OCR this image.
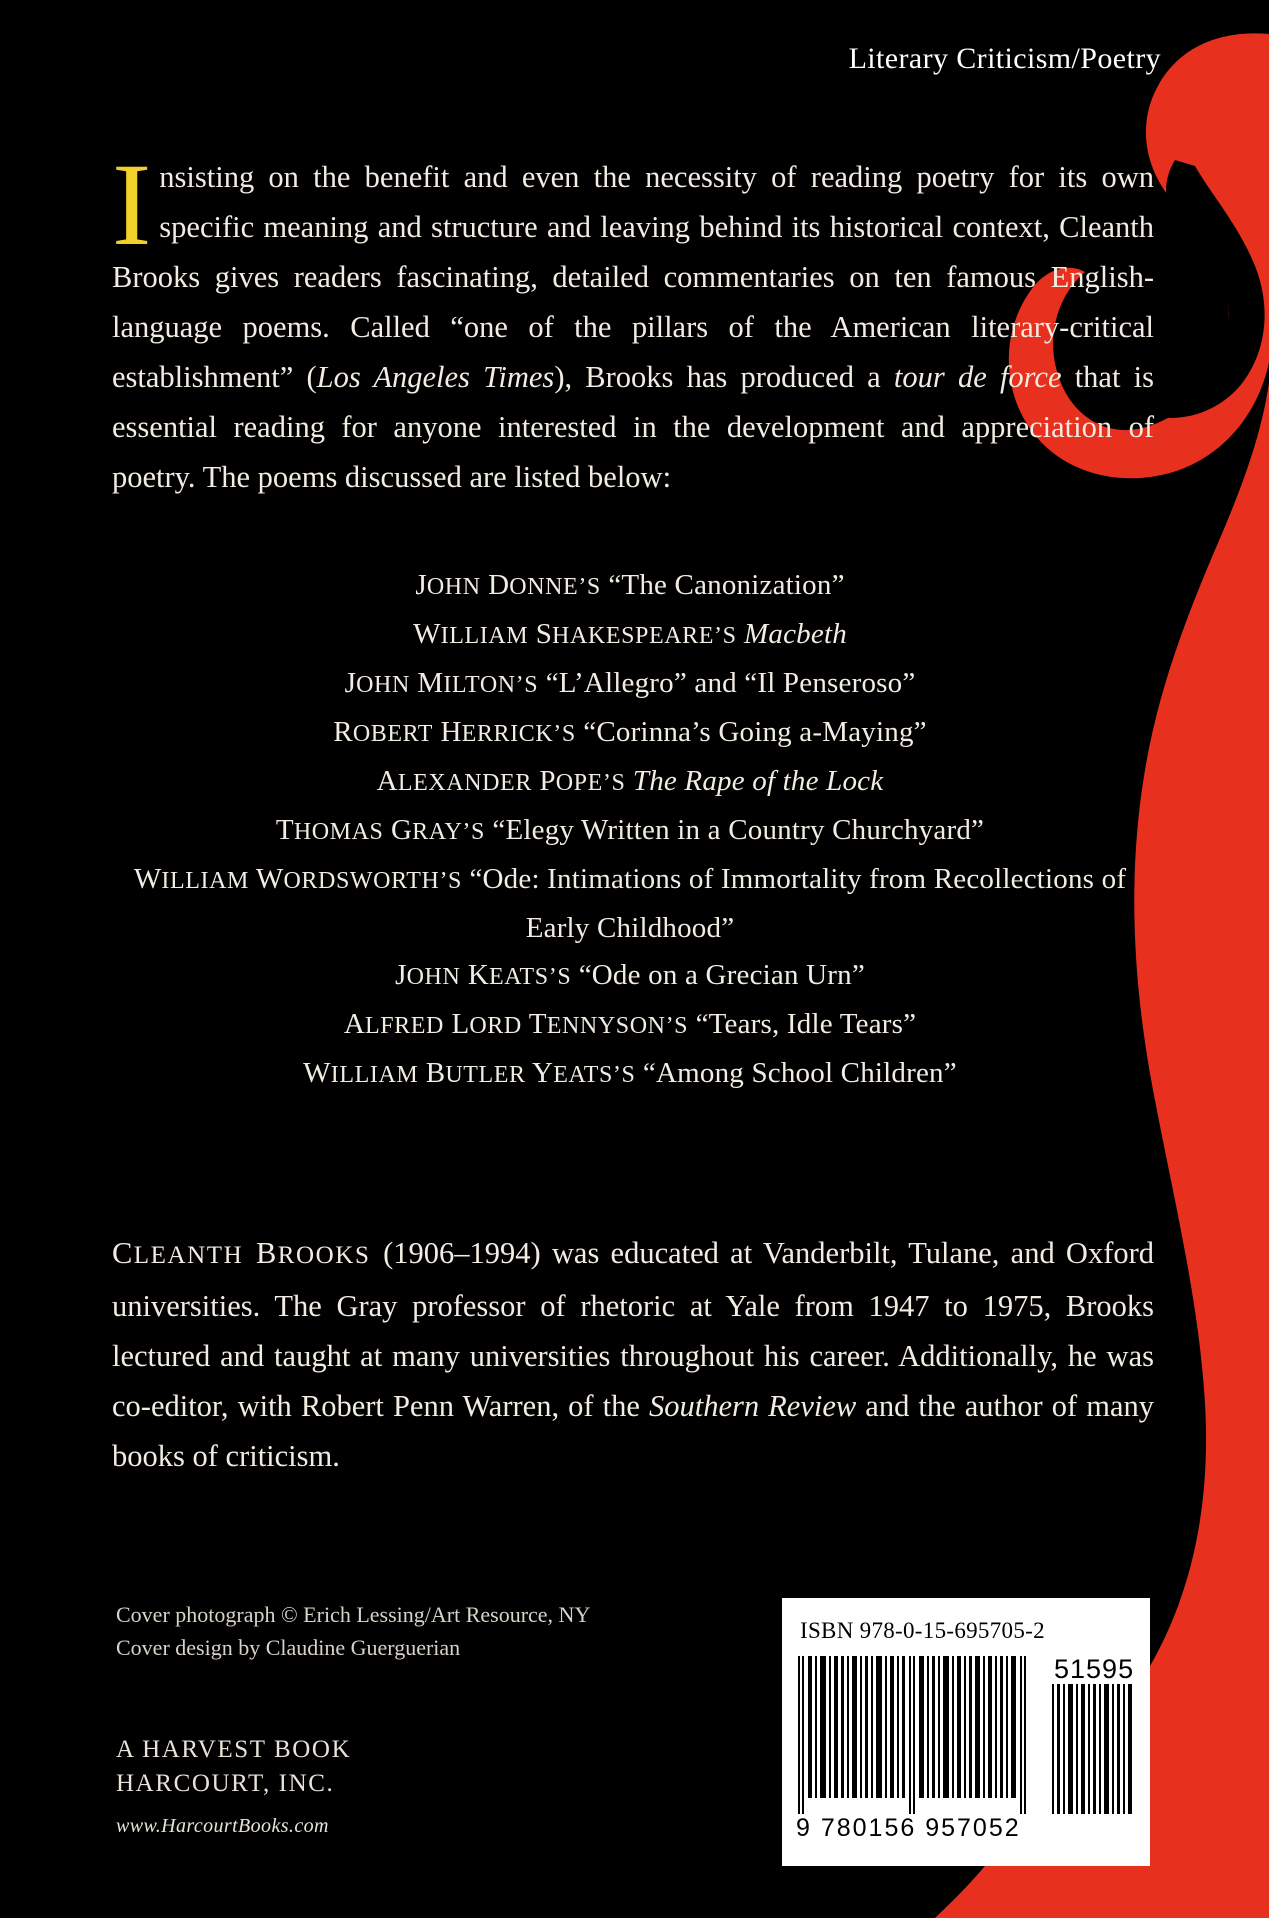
Literary Criticism/Poetry
Insisting on the benefit and even the necessity of reading poetry for its own specific meaning and structure and leaving behind its historical context, Cleanth Brooks gives readers fascinating, detailed commentaries on ten famous English-language poems. Called “one of the pillars of the American literary-critical establishment” (Los Angeles Times), Brooks has produced a tour de force that is essential reading for anyone interested in the development and appreciation of poetry. The poems discussed are listed below:
JOHN DONNE’S “The Canonization”
WILLIAM SHAKESPEARE’S Macbeth
JOHN MILTON’S “L’Allegro” and “Il Penseroso”
ROBERT HERRICK’S “Corinna’s Going a-Maying”
ALEXANDER POPE’S The Rape of the Lock
THOMAS GRAY’S “Elegy Written in a Country Churchyard”
WILLIAM WORDSWORTH’S “Ode: Intimations of Immortality from Recollections of Early Childhood”
JOHN KEATS’S “Ode on a Grecian Urn”
ALFRED LORD TENNYSON’S “Tears, Idle Tears”
WILLIAM BUTLER YEATS’S “Among School Children”
CLEANTH BROOKS (1906–1994) was educated at Vanderbilt, Tulane, and Oxford universities. The Gray professor of rhetoric at Yale from 1947 to 1975, Brooks lectured and taught at many universities throughout his career. Additionally, he was co-editor, with Robert Penn Warren, of the Southern Review and the author of many books of criticism.
Cover photograph © Erich Lessing/Art Resource, NY
Cover design by Claudine Guerguerian
A HARVEST BOOK
HARCOURT, INC.
www.HarcourtBooks.com
ISBN 978-0-15-695705-2
51595
9 780156 957052
